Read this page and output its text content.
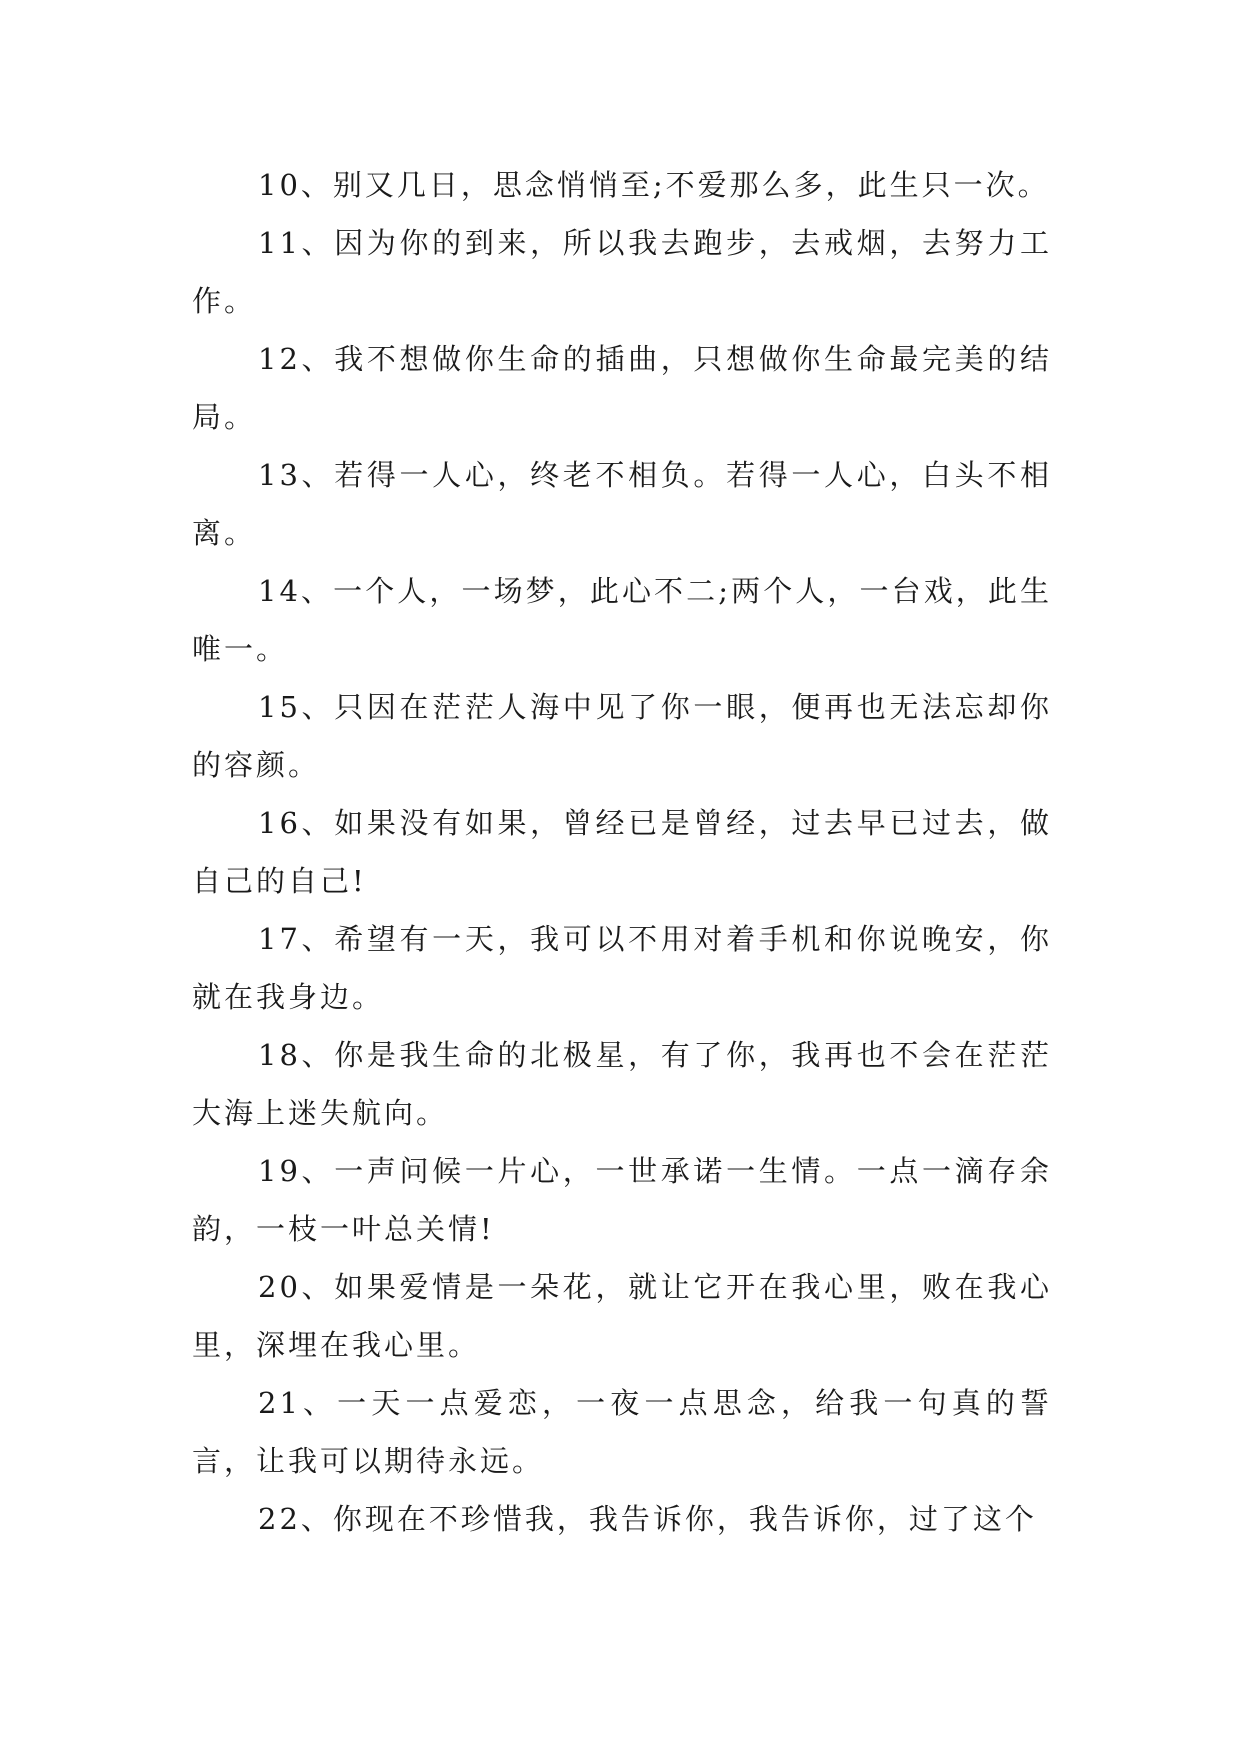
10、别又几日，思念悄悄至;不爱那么多，此生只一次。

11、因为你的到来，所以我去跑步，去戒烟，去努力工作。

12、我不想做你生命的插曲，只想做你生命最完美的结局。

13、若得一人心，终老不相负。若得一人心，白头不相离。

14、一个人，一场梦，此心不二;两个人，一台戏，此生唯一。

15、只因在茫茫人海中见了你一眼，便再也无法忘却你的容颜。

16、如果没有如果，曾经已是曾经，过去早已过去，做自己的自己!

17、希望有一天，我可以不用对着手机和你说晚安，你就在我身边。

18、你是我生命的北极星，有了你，我再也不会在茫茫大海上迷失航向。

19、一声问候一片心，一世承诺一生情。一点一滴存余韵，一枝一叶总关情!

20、如果爱情是一朵花，就让它开在我心里，败在我心里，深埋在我心里。

21、一天一点爱恋，一夜一点思念，给我一句真的誓言，让我可以期待永远。

22、你现在不珍惜我，我告诉你，我告诉你，过了这个
